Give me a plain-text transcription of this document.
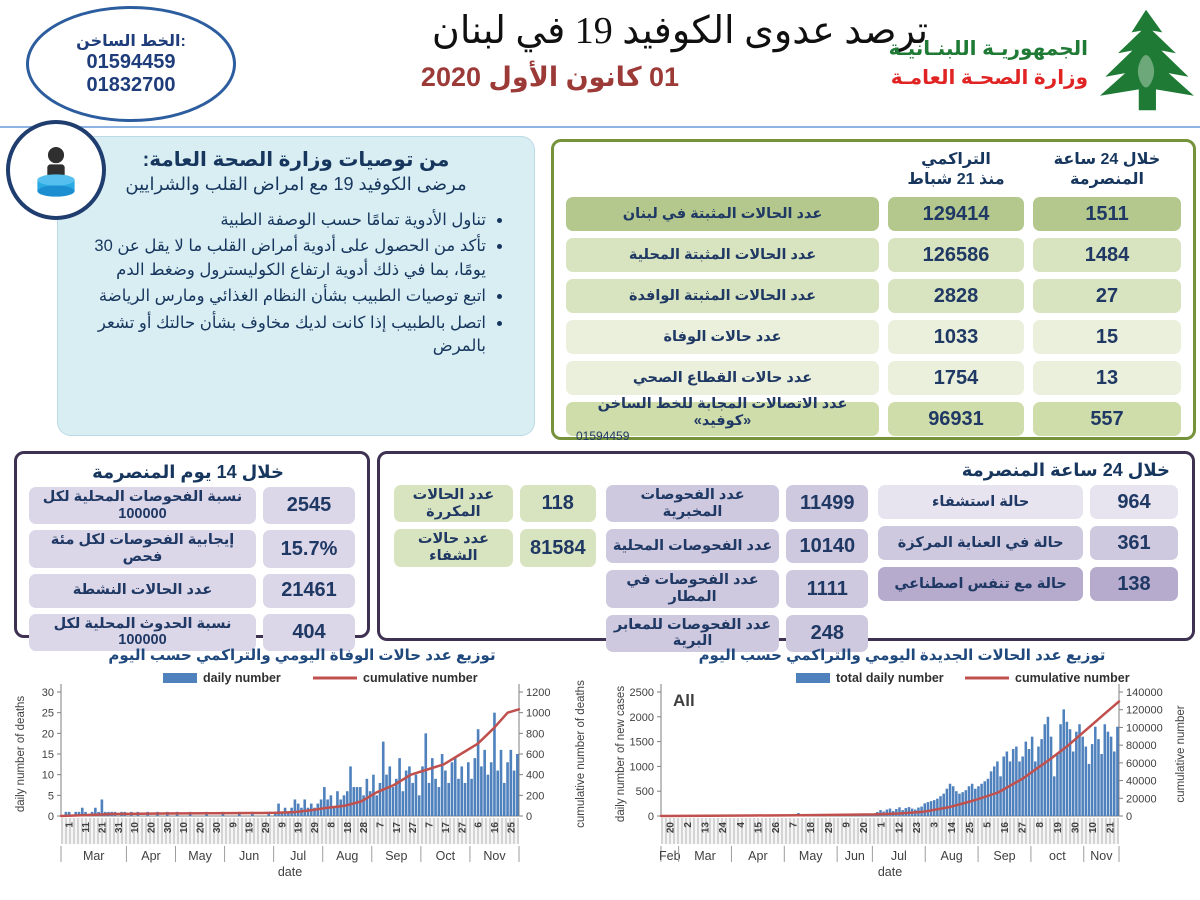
الخط الساخن:
01594459
01832700
ترصد عدوى الكوفيد 19 في لبنان
01 كانون الأول 2020
الجمهوريـة اللبنـانيـة
وزارة الصحـة العامـة
من توصيات وزارة الصحة العامة:
مرضى الكوفيد 19 مع امراض القلب والشرايين
• تناول الأدوية تمامًا حسب الوصفة الطبية
• تأكد من الحصول على أدوية أمراض القلب ما لا يقل عن 30 يومًا، بما في ذلك أدوية ارتفاع الكوليسترول وضغط الدم
• اتبع توصيات الطبيب بشأن النظام الغذائي ومارس الرياضة
• اتصل بالطبيب إذا كانت لديك مخاوف بشأن حالتك أو تشعر بالمرض
خلال 24 ساعة
المنصرمة
التراكمي
منذ 21 شباط
1511
129414
عدد الحالات المثبتة في لبنان
1484
126586
عدد الحالات المثبتة المحلية
27
2828
عدد الحالات المثبتة الوافدة
15
1033
عدد حالات الوفاة
13
1754
عدد حالات القطاع الصحي
557
96931
عدد الاتصالات المجابة للخط الساخن «كوفيد»
01594459
خلال 14 يوم المنصرمة
2545
نسبة الفحوصات المحلية لكل 100000
15.7%
إيجابية الفحوصات لكل مئة فحص
21461
عدد الحالات النشطة
404
نسبة الحدوث المحلية لكل 100000
خلال 24 ساعة المنصرمة
964
حالة استشفاء
361
حالة في العناية المركزة
138
حالة مع تنفس اصطناعي
11499
عدد الفحوصات المخبرية
10140
عدد الفحوصات المحلية
1111
عدد الفحوصات في المطار
248
عدد الفحوصات للمعابر البرية
118
عدد الحالات المكررة
81584
عدد حالات الشفاء
توزيع عدد حالات الوفاة اليومي والتراكمي حسب اليوم
0
5
10
15
20
25
30
0
200
400
600
800
1000
1200
1 11 21 31 10 20 30 10 20 30 9 19 29 9 19 29 8 18 28 7 17 27 7 17 27 6 16 25
Mar	Apr May Jun Jul Aug Sep Oct Nov
date
daily number of deaths	cumulative number of deaths
daily number	cumulative number
توزيع عدد الحالات الجديدة اليومي والتراكمي حسب اليوم
0
500
1000
1500
2000
2500
0
20000
40000
60000
80000
100000
120000
140000
20 2 13 24 4 15 26 7 18 29 9 20 1 12 23 3 14 25 5 16 27 8 19 30 10 21
Feb Mar	Apr	May Jun Jul	Aug Sep	oct Nov
date
daily number of new cases	cumulative number
All
total daily number	cumulative number
